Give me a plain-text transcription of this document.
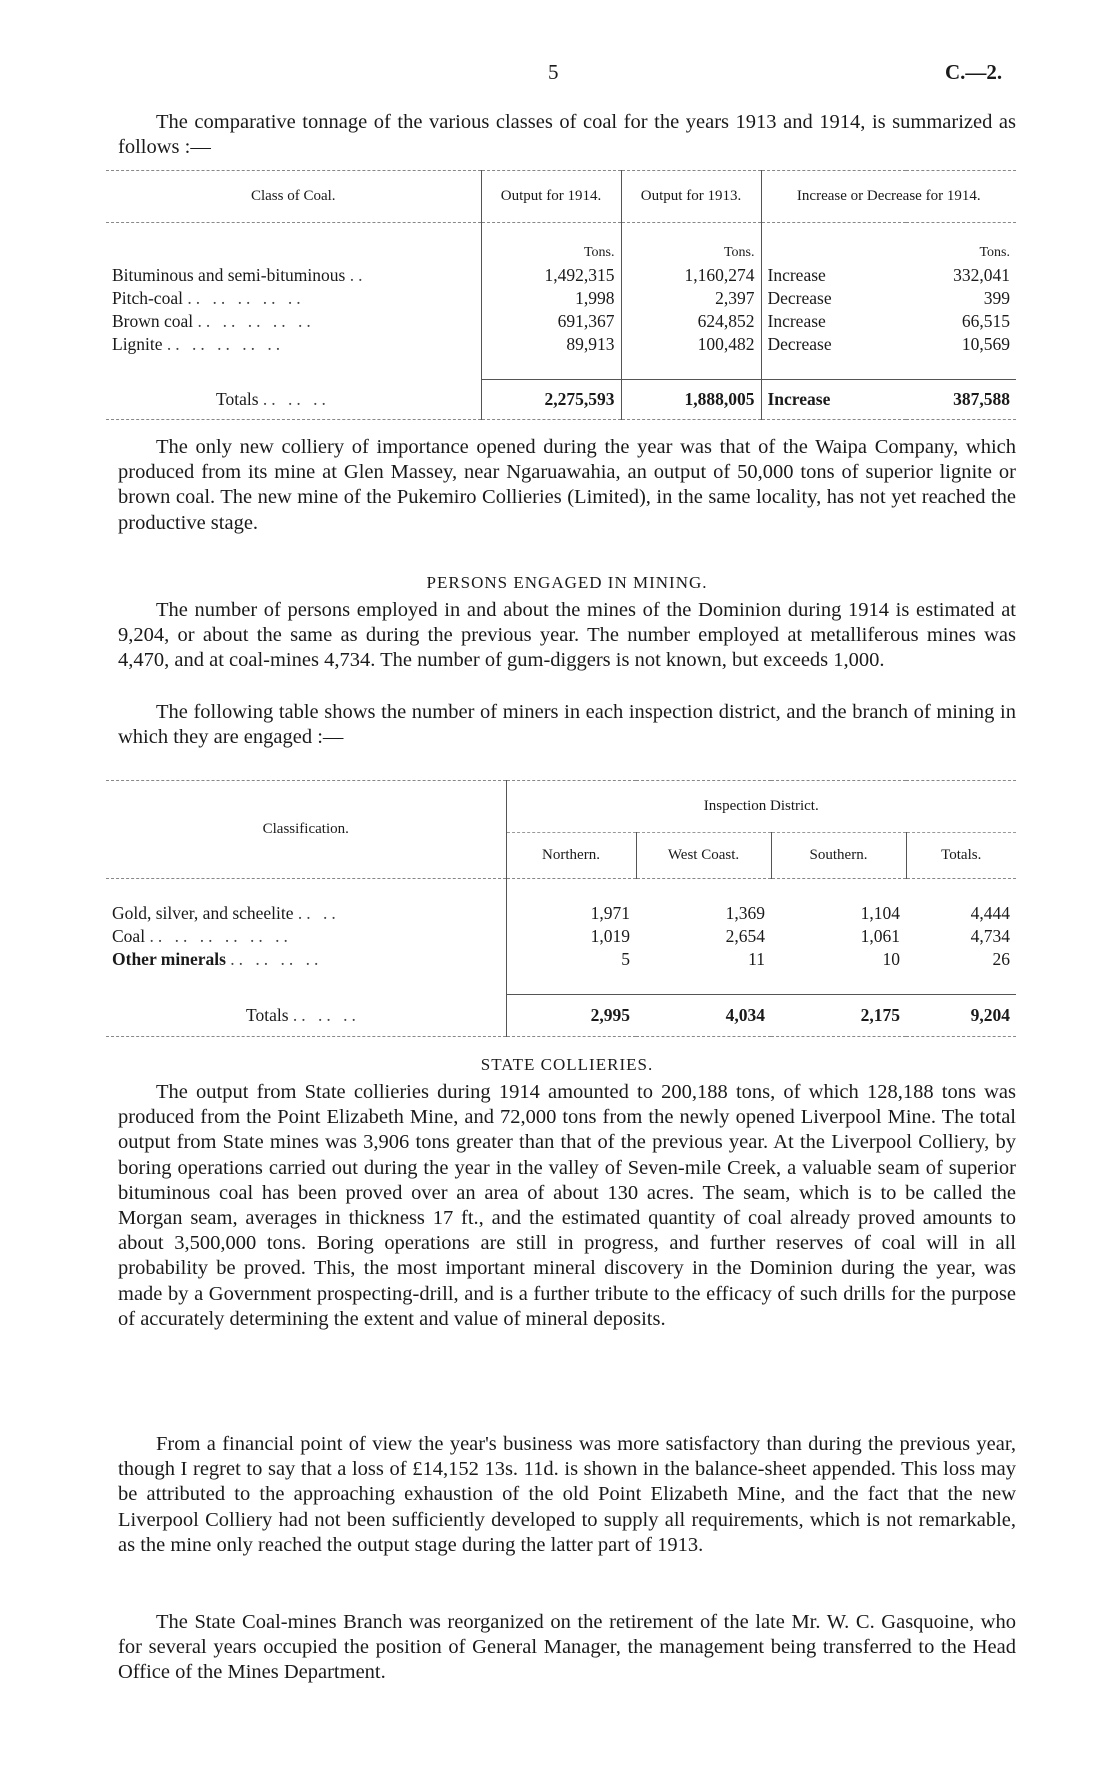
5	C.—2.

The comparative tonnage of the various classes of coal for the years 1913 and 1914, is summarized as follows :—

Class of Coal.	Output for 1914.	Output for 1913.	Increase or Decrease for 1914.	
	Tons.	Tons.		Tons.
Bituminous and semi-bituminous ..	1,492,315	1,160,274	Increase	332,041
Pitch-coal .. .. .. .. ..	1,998	2,397	Decrease	399
Brown coal .. .. .. .. ..	691,367	624,852	Increase	66,515
Lignite .. .. .. .. ..	89,913	100,482	Decrease	10,569

Totals .. .. ..	2,275,593	1,888,005	Increase	387,588

The only new colliery of importance opened during the year was that of the Waipa Company, which produced from its mine at Glen Massey, near Ngaruawahia, an output of 50,000 tons of superior lignite or brown coal. The new mine of the Pukemiro Collieries (Limited), in the same locality, has not yet reached the productive stage.

PERSONS ENGAGED IN MINING.

The number of persons employed in and about the mines of the Dominion during 1914 is estimated at 9,204, or about the same as during the previous year. The number employed at metalliferous mines was 4,470, and at coal-mines 4,734. The number of gum-diggers is not known, but exceeds 1,000.

The following table shows the number of miners in each inspection district, and the branch of mining in which they are engaged :—

Classification.	Inspection District.			
	Northern.	West Coast.	Southern.	Totals.

Gold, silver, and scheelite .. ..	1,971	1,369	1,104	4,444
Coal .. .. .. .. .. ..	1,019	2,654	1,061	4,734
Other minerals .. .. .. ..	5	11	10	26

Totals .. .. ..	2,995	4,034	2,175	9,204

STATE COLLIERIES.

The output from State collieries during 1914 amounted to 200,188 tons, of which 128,188 tons was produced from the Point Elizabeth Mine, and 72,000 tons from the newly opened Liverpool Mine. The total output from State mines was 3,906 tons greater than that of the previous year. At the Liverpool Colliery, by boring operations carried out during the year in the valley of Seven-mile Creek, a valuable seam of superior bituminous coal has been proved over an area of about 130 acres. The seam, which is to be called the Morgan seam, averages in thickness 17 ft., and the estimated quantity of coal already proved amounts to about 3,500,000 tons. Boring operations are still in progress, and further reserves of coal will in all probability be proved. This, the most important mineral discovery in the Dominion during the year, was made by a Government prospecting-drill, and is a further tribute to the efficacy of such drills for the purpose of accurately determining the extent and value of mineral deposits.

From a financial point of view the year's business was more satisfactory than during the previous year, though I regret to say that a loss of £14,152 13s. 11d. is shown in the balance-sheet appended. This loss may be attributed to the approaching exhaustion of the old Point Elizabeth Mine, and the fact that the new Liverpool Colliery had not been sufficiently developed to supply all requirements, which is not remarkable, as the mine only reached the output stage during the latter part of 1913.

The State Coal-mines Branch was reorganized on the retirement of the late Mr. W. C. Gasquoine, who for several years occupied the position of General Manager, the management being transferred to the Head Office of the Mines Department.
